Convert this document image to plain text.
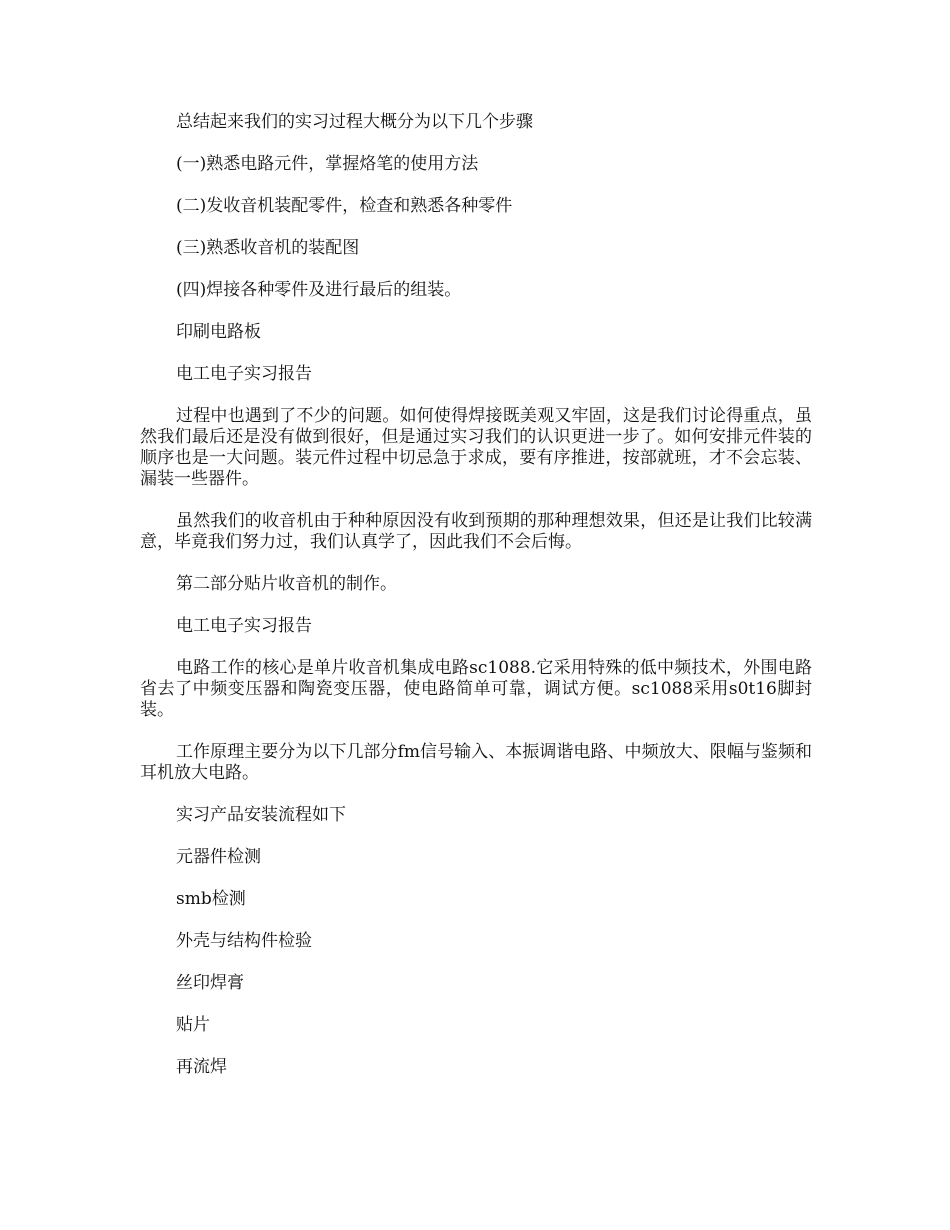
总结起来我们的实习过程大概分为以下几个步骤

(一)熟悉电路元件，掌握烙笔的使用方法

(二)发收音机装配零件，检查和熟悉各种零件

(三)熟悉收音机的装配图

(四)焊接各种零件及进行最后的组装。

印刷电路板

电工电子实习报告

过程中也遇到了不少的问题。如何使得焊接既美观又牢固，这是我们讨论得重点，虽然我们最后还是没有做到很好，但是通过实习我们的认识更进一步了。如何安排元件装的顺序也是一大问题。装元件过程中切忌急于求成，要有序推进，按部就班，才不会忘装、漏装一些器件。

虽然我们的收音机由于种种原因没有收到预期的那种理想效果，但还是让我们比较满意，毕竟我们努力过，我们认真学了，因此我们不会后悔。

第二部分贴片收音机的制作。

电工电子实习报告

电路工作的核心是单片收音机集成电路sc1088.它采用特殊的低中频技术，外围电路省去了中频变压器和陶瓷变压器，使电路简单可靠，调试方便。sc1088采用s0t16脚封装。

工作原理主要分为以下几部分fm信号输入、本振调谐电路、中频放大、限幅与鉴频和耳机放大电路。

实习产品安装流程如下

元器件检测

smb检测

外壳与结构件检验

丝印焊膏

贴片

再流焊
